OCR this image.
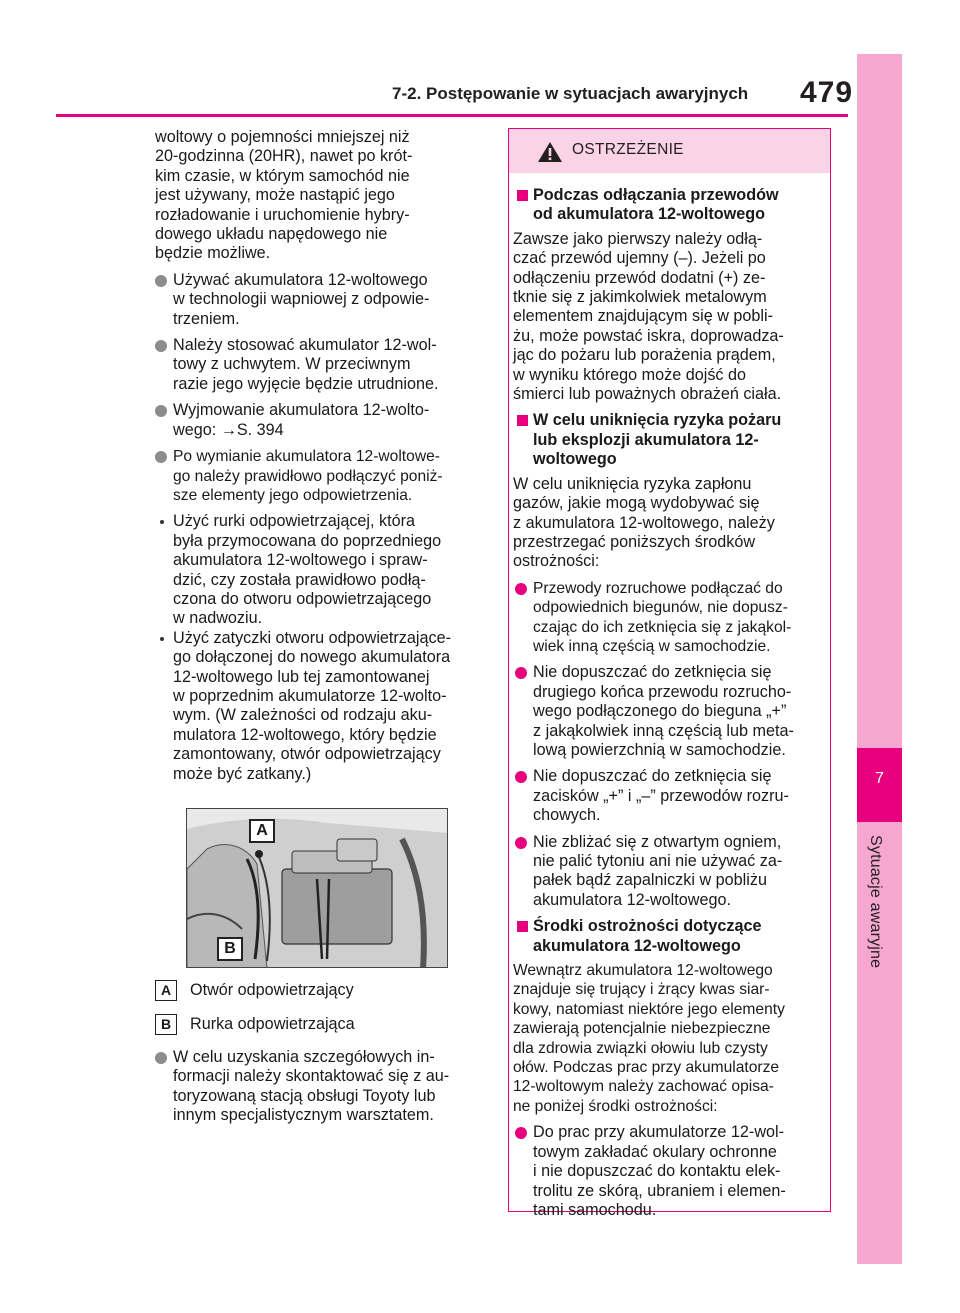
7-2. Postępowanie w sytuacjach awaryjnych 479
7
Sytuacje awaryjne
woltowy o pojemności mniejszej niż
20-godzinna (20HR), nawet po krót-
kim czasie, w którym samochód nie
jest używany, może nastąpić jego
rozładowanie i uruchomienie hybry-
dowego układu napędowego nie
będzie możliwe.
Używać akumulatora 12-woltowego
w technologii wapniowej z odpowie-
trzeniem.
Należy stosować akumulator 12-wol-
towy z uchwytem. W przeciwnym
razie jego wyjęcie będzie utrudnione.
Wyjmowanie akumulatora 12-wolto-
wego: →S. 394
Po wymianie akumulatora 12-woltowe-
go należy prawidłowo podłączyć poniż-
sze elementy jego odpowietrzenia.
Użyć rurki odpowietrzającej, która
była przymocowana do poprzedniego
akumulatora 12-woltowego i spraw-
dzić, czy została prawidłowo podłą-
czona do otworu odpowietrzającego
w nadwoziu.
Użyć zatyczki otworu odpowietrzające-
go dołączonej do nowego akumulatora
12-woltowego lub tej zamontowanej
w poprzednim akumulatorze 12-wolto-
wym. (W zależności od rodzaju aku-
mulatora 12-woltowego, który będzie
zamontowany, otwór odpowietrzający
może być zatkany.)
A
B
A	Otwór odpowietrzający
B	Rurka odpowietrzająca
W celu uzyskania szczegółowych in-
formacji należy skontaktować się z au-
toryzowaną stacją obsługi Toyoty lub
innym specjalistycznym warsztatem.
OSTRZEŻENIE
Podczas odłączania przewodów
od akumulatora 12-woltowego
Zawsze jako pierwszy należy odłą-
czać przewód ujemny (–). Jeżeli po
odłączeniu przewód dodatni (+) ze-
tknie się z jakimkolwiek metalowym
elementem znajdującym się w pobli-
żu, może powstać iskra, doprowadza-
jąc do pożaru lub porażenia prądem,
w wyniku którego może dojść do
śmierci lub poważnych obrażeń ciała.
W celu uniknięcia ryzyka pożaru
lub eksplozji akumulatora 12-
woltowego
W celu uniknięcia ryzyka zapłonu
gazów, jakie mogą wydobywać się
z akumulatora 12-woltowego, należy
przestrzegać poniższych środków
ostrożności:
Przewody rozruchowe podłączać do
odpowiednich biegunów, nie dopusz-
czając do ich zetknięcia się z jakąkol-
wiek inną częścią w samochodzie.
Nie dopuszczać do zetknięcia się
drugiego końca przewodu rozrucho-
wego podłączonego do bieguna „+”
z jakąkolwiek inną częścią lub meta-
lową powierzchnią w samochodzie.
Nie dopuszczać do zetknięcia się
zacisków „+” i „–” przewodów rozru-
chowych.
Nie zbliżać się z otwartym ogniem,
nie palić tytoniu ani nie używać za-
pałek bądź zapalniczki w pobliżu
akumulatora 12-woltowego.
Środki ostrożności dotyczące
akumulatora 12-woltowego
Wewnątrz akumulatora 12-woltowego
znajduje się trujący i żrący kwas siar-
kowy, natomiast niektóre jego elementy
zawierają potencjalnie niebezpieczne
dla zdrowia związki ołowiu lub czysty
ołów. Podczas prac przy akumulatorze
12-woltowym należy zachować opisa-
ne poniżej środki ostrożności:
Do prac przy akumulatorze 12-wol-
towym zakładać okulary ochronne
i nie dopuszczać do kontaktu elek-
trolitu ze skórą, ubraniem i elemen-
tami samochodu.
